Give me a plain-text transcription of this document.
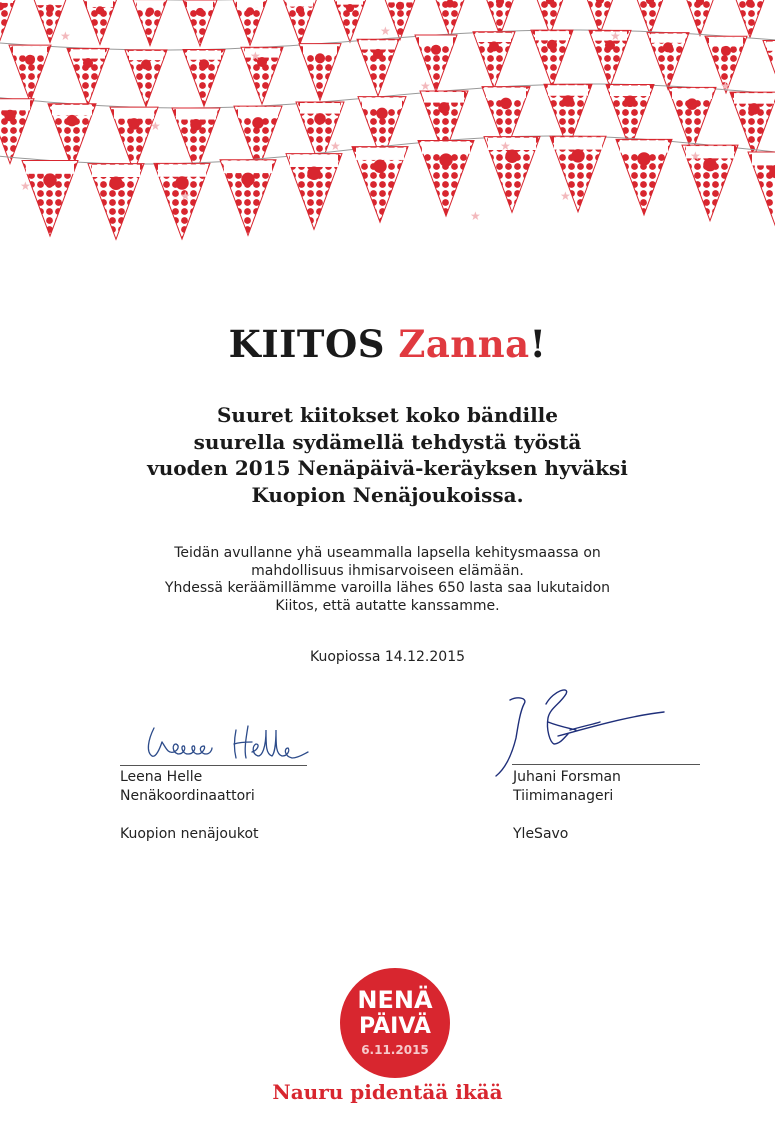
★
★
★
★
★
★
★
★
★
★
★
★
★
★
KIITOS Zanna!
Suuret kiitokset koko bändille
suurella sydämellä tehdystä työstä
vuoden 2015 Nenäpäivä-keräyksen hyväksi
Kuopion Nenäjoukoissa.
Teidän avullanne yhä useammalla lapsella kehitysmaassa on
mahdollisuus ihmisarvoiseen elämään.
Yhdessä keräämillämme varoilla lähes 650 lasta saa lukutaidon
Kiitos, että autatte kanssamme.
Kuopiossa 14.12.2015
Leena Helle
Nenäkoordinaattori
Kuopion nenäjoukot
Juhani Forsman
Tiimimanageri
YleSavo
NENÄ
PÄIVÄ
6.11.2015
Nauru pidentää ikää
